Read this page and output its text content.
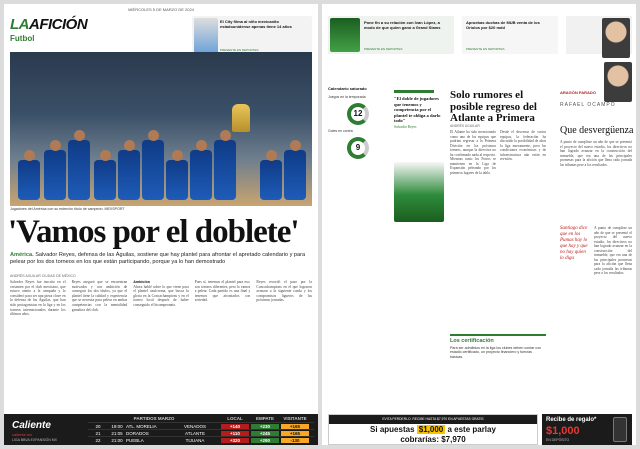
MIÉRCOLES 5 DE MARZO DE 2024
LAAFICIÓN
Futbol
El City filma al niño mexicanito estadounidense apenas tiene 14 años
PRESENTE EN DEPORTES
Jugadores del América con su estrecho título de campeón. MEXSPORT
'Vamos por el doblete'
América. Salvador Reyes, defensa de las Águilas, sostiene que hay plantel para afrontar el apretado calendario y para pelear por los dos torneos en los que están participando, porque ya lo han demostrado
ANDRÉS AGUILAR CIUDAD DE MÉXICO
Salvador Reyes fue inscrito en el certamen por el club mexicano, que estuvo atento a la campaña y lo consideró para ser una pieza clave en la defensa de las Águilas, que han sido protagonistas en la liga y en los torneos internacionales durante los últimos años.
Reyes aseguró que se encuentran motivados y con ambición de conseguir los dos títulos, ya que el plantel tiene la calidad y experiencia que se necesita para pelear en ambas competencias con la mentalidad ganadora del club.
Ambición
Ahora hablé sobre lo que viene para el plantel azulcrema, que busca la gloria en la Concachampions y en el torneo local después de haber conseguido el bicampeonato.
Pues sí, tenemos el plantel para eso, son torneos diferentes, pero lo vamos a pelear. Cada partido es una final y tenemos que afrontarlos con seriedad.
Reyes recordó el paso por la Concachampions en el que lograron avanzar a la siguiente ronda y los compromisos ligueros de las próximas jornadas.
Caliente
caliente.mx
LIGA BBVA EXPANSIÓN MX
PARTIDOS MARZO	LOCAL	EMPATE	VISITANTE
20	19:00 ATL. MORELIA	VENADOS	+140	+230	+165
21	21:05 DORADOS	ATLANTE	+110	+245	+165
22	21:00 PUEBLA	TIJUANA	+320	+290	-130
Pone fin a su relación con Ivan López, a modo de que quien ganó a Grand Slams
PRESENTE EN DEPORTES
Apruebas duchas de MUB venta de los Oriolos por $20 mdd
PRESENTE EN DEPORTES
Calendario saturado
Juegos en la temporada
12
Goles en contra
9
"El doble de jugadores que tenemos y competencia por el plantel te obliga a darlo todo"
Salvador Reyes
Solo rumores el posible regreso del Atlante a Primera
ANDRÉS AGUILAR
El Atlante ha sido mencionado como uno de los equipos que podrían regresar a la Primera División en los próximos torneos, aunque la directiva no ha confirmado nada al respecto. Mientras tanto los Potros se mantienen en la Liga de Expansión peleando por los primeros lugares de la tabla.
Desde el descenso de varios equipos, la federación ha discutido la posibilidad de abrir la liga nuevamente, pero las condiciones económicas y de infraestructura aún están en revisión.
Los certificación
Para ser admitidos en la liga los clubes deben contar con estadio certificado, un proyecto financiero y fuerzas básicas.
ARAGÓN PARADO
RAFAEL OCAMPO
Que desvergüenza
A punto de cumplirse un año de que se presentó el proyecto del nuevo estadio, los directivos no han logrado avanzar en la construcción del inmueble, que era una de las principales promesas para la afición que llena cada jornada las tribunas pese a los resultados.
Santiago dice que en los Pumas hay lo que hay y que no hay quien lo diga
A punto de cumplirse un año de que se presentó el proyecto del nuevo estadio, los directivos no han logrado avanzar en la construcción del inmueble, que era una de las principales promesas para la afición que llena cada jornada las tribunas pese a los resultados.
EVITA PERDERLO. RECIBE HASTA $7,970 EN APUESTAS GRATIS
Si apuestas $1,000 a este parlay
cobrarías: $7,970
Recibe de regalo*
$1,000
EN DEPÓSITO
